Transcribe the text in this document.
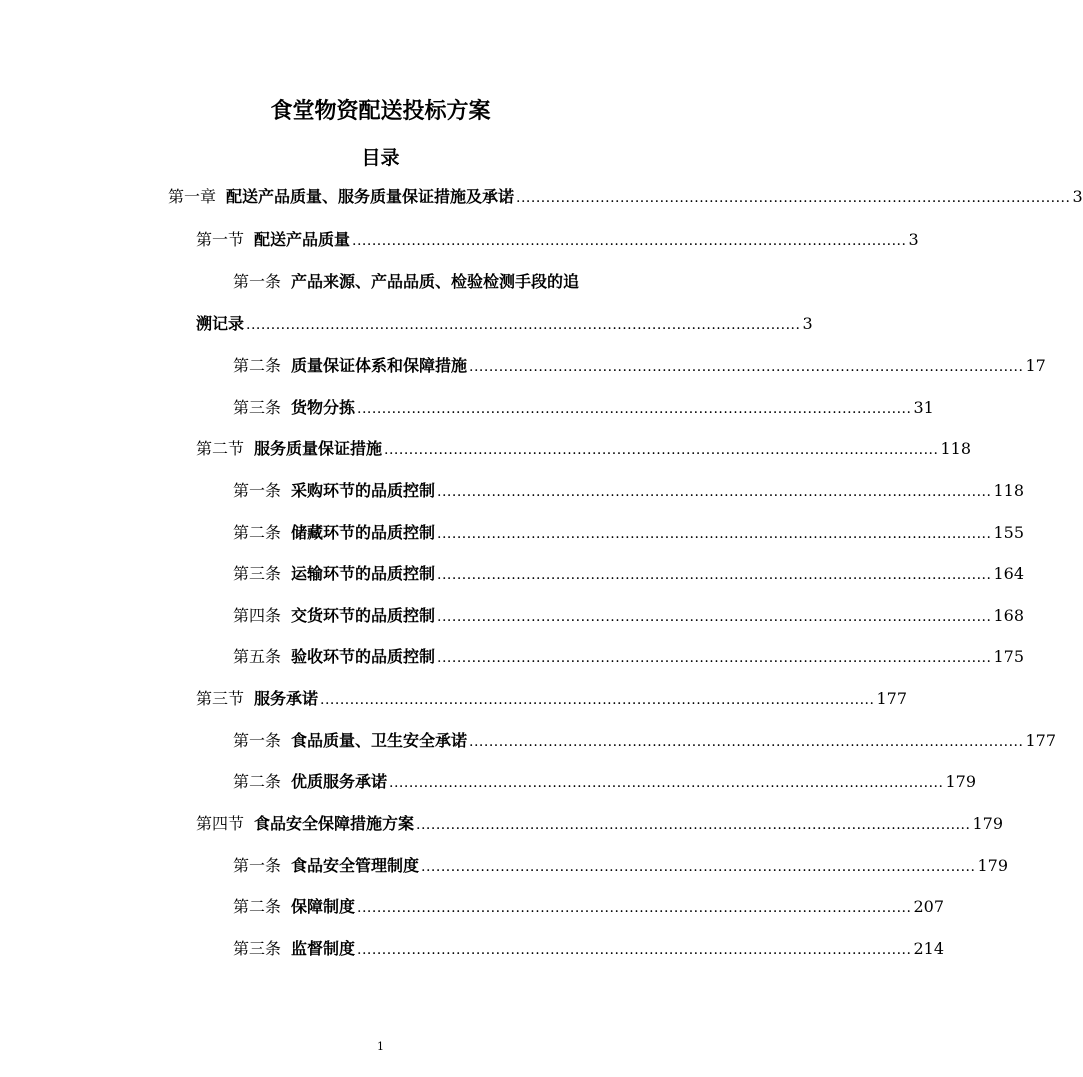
食堂物资配送投标方案
目录
第一章 配送产品质量、服务质量保证措施及承诺 ................................................................................................................ 3
第一节 配送产品质量 ................................................................................................................ 3
第一条 产品来源、产品品质、检验检测手段的追
溯记录 ................................................................................................................ 3
第二条 质量保证体系和保障措施 ................................................................................................................ 17
第三条 货物分拣 ................................................................................................................ 31
第二节 服务质量保证措施 ................................................................................................................ 118
第一条 采购环节的品质控制 ................................................................................................................ 118
第二条 储藏环节的品质控制 ................................................................................................................ 155
第三条 运输环节的品质控制 ................................................................................................................ 164
第四条 交货环节的品质控制 ................................................................................................................ 168
第五条 验收环节的品质控制 ................................................................................................................ 175
第三节 服务承诺 ................................................................................................................ 177
第一条 食品质量、卫生安全承诺 ................................................................................................................ 177
第二条 优质服务承诺 ................................................................................................................ 179
第四节 食品安全保障措施方案 ................................................................................................................ 179
第一条 食品安全管理制度 ................................................................................................................ 179
第二条 保障制度 ................................................................................................................ 207
第三条 监督制度 ................................................................................................................ 214
1
